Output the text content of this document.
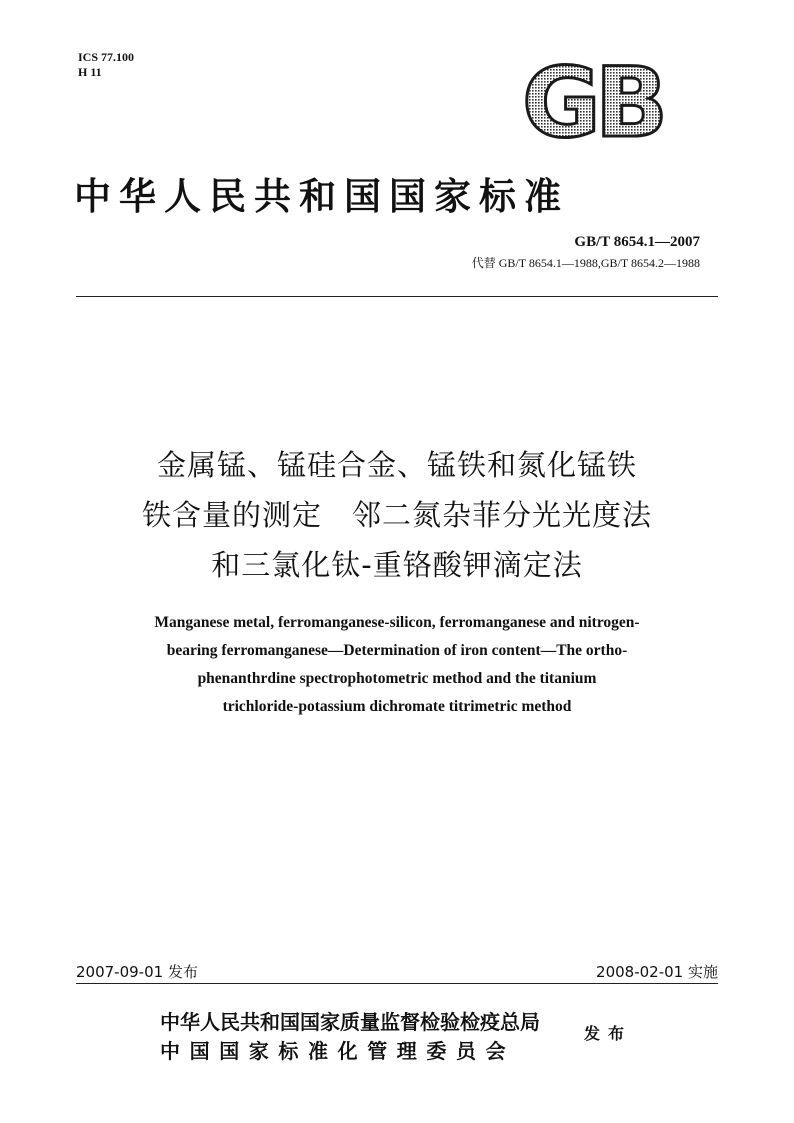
ICS 77.100
H 11	GB
中华人民共和国国家标准
GB/T 8654.1—2007
代替 GB/T 8654.1—1988,GB/T 8654.2—1988
金属锰、锰硅合金、锰铁和氮化锰铁
铁含量的测定　邻二氮杂菲分光光度法
和三氯化钛-重铬酸钾滴定法
Manganese metal, ferromanganese-silicon, ferromanganese and nitrogen-
bearing ferromanganese—Determination of iron content—The ortho-
phenanthrdine spectrophotometric method and the titanium
trichloride-potassium dichromate titrimetric method
2007-09-01 发布	2008-02-01 实施
中华人民共和国国家质量监督检验检疫总局
中国国家标准化管理委员会
发布
